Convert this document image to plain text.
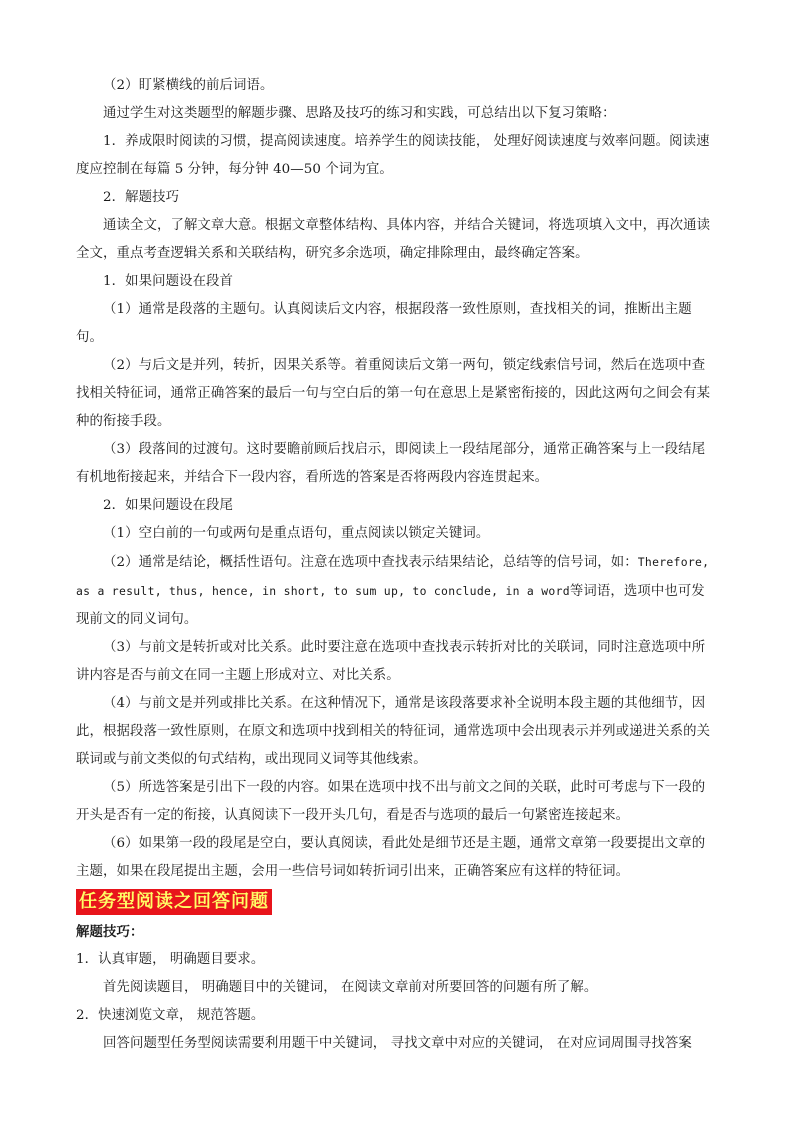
（2）盯紧横线的前后词语。

通过学生对这类题型的解题步骤、思路及技巧的练习和实践，可总结出以下复习策略：

1．养成限时阅读的习惯，提高阅读速度。培养学生的阅读技能， 处理好阅读速度与效率问题。阅读速度应控制在每篇 5 分钟，每分钟 40—50 个词为宜。

2．解题技巧

通读全文，了解文章大意。根据文章整体结构、具体内容，并结合关键词，将选项填入文中，再次通读全文，重点考查逻辑关系和关联结构，研究多余选项，确定排除理由，最终确定答案。

1．如果问题设在段首

（1）通常是段落的主题句。认真阅读后文内容，根据段落一致性原则，查找相关的词，推断出主题句。

（2）与后文是并列，转折，因果关系等。着重阅读后文第一两句，锁定线索信号词，然后在选项中查找相关特征词，通常正确答案的最后一句与空白后的第一句在意思上是紧密衔接的，因此这两句之间会有某种的衔接手段。

（3）段落间的过渡句。这时要瞻前顾后找启示，即阅读上一段结尾部分，通常正确答案与上一段结尾有机地衔接起来，并结合下一段内容，看所选的答案是否将两段内容连贯起来。

2．如果问题设在段尾

（1）空白前的一句或两句是重点语句，重点阅读以锁定关键词。

（2）通常是结论，概括性语句。注意在选项中查找表示结果结论，总结等的信号词，如：Therefore, as a result, thus, hence, in short, to sum up, to conclude, in a word等词语，选项中也可发现前文的同义词句。

（3）与前文是转折或对比关系。此时要注意在选项中查找表示转折对比的关联词，同时注意选项中所讲内容是否与前文在同一主题上形成对立、对比关系。

（4）与前文是并列或排比关系。在这种情况下，通常是该段落要求补全说明本段主题的其他细节，因此，根据段落一致性原则，在原文和选项中找到相关的特征词，通常选项中会出现表示并列或递进关系的关联词或与前文类似的句式结构，或出现同义词等其他线索。

（5）所选答案是引出下一段的内容。如果在选项中找不出与前文之间的关联，此时可考虑与下一段的开头是否有一定的衔接，认真阅读下一段开头几句，看是否与选项的最后一句紧密连接起来。

（6）如果第一段的段尾是空白，要认真阅读，看此处是细节还是主题，通常文章第一段要提出文章的主题，如果在段尾提出主题，会用一些信号词如转折词引出来，正确答案应有这样的特征词。

任务型阅读之回答问题

解题技巧：

1．认真审题， 明确题目要求。

首先阅读题目， 明确题目中的关键词， 在阅读文章前对所要回答的问题有所了解。

2．快速浏览文章， 规范答题。

回答问题型任务型阅读需要利用题干中关键词， 寻找文章中对应的关键词， 在对应词周围寻找答案
